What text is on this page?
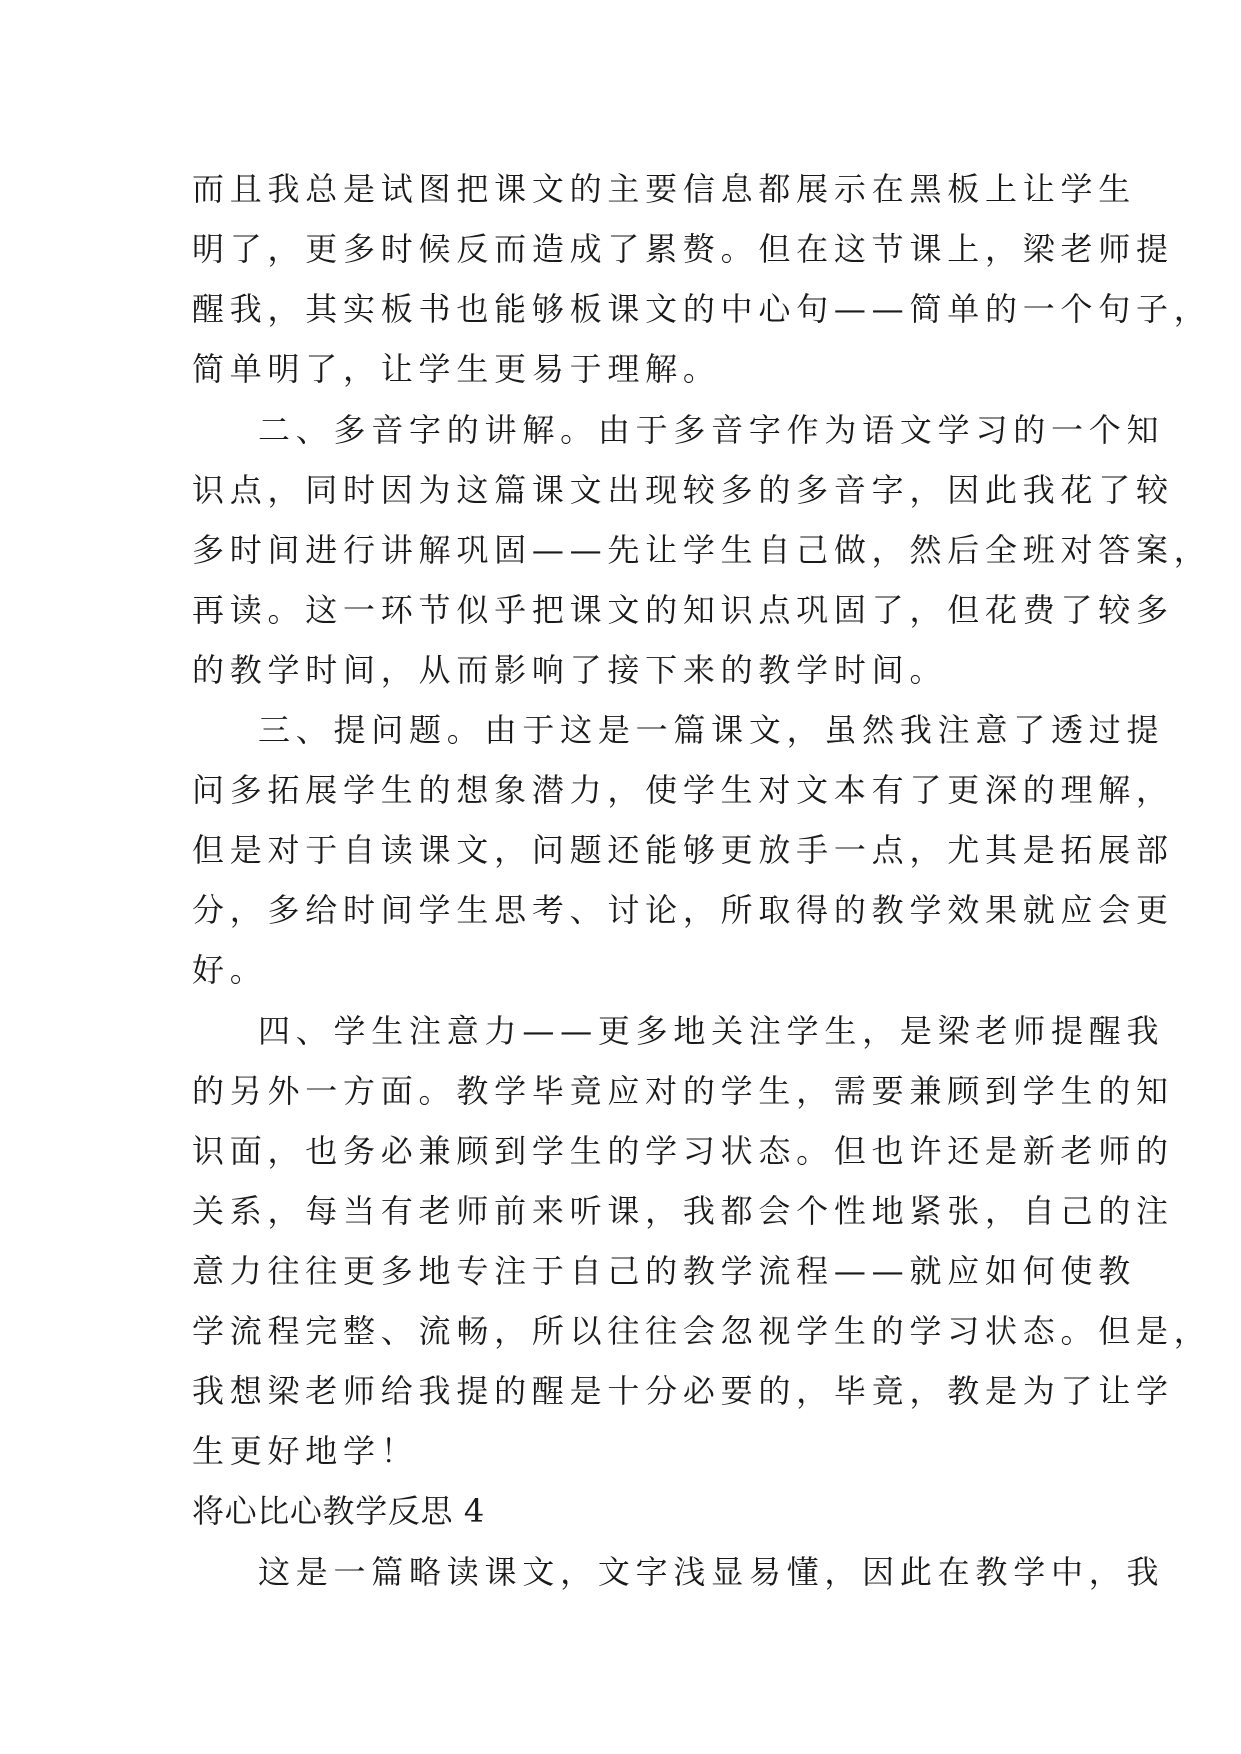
而且我总是试图把课文的主要信息都展示在黑板上让学生
明了，更多时候反而造成了累赘。但在这节课上，梁老师提
醒我，其实板书也能够板课文的中心句——简单的一个句子，
简单明了，让学生更易于理解。
二、多音字的讲解。由于多音字作为语文学习的一个知
识点，同时因为这篇课文出现较多的多音字，因此我花了较
多时间进行讲解巩固——先让学生自己做，然后全班对答案，
再读。这一环节似乎把课文的知识点巩固了，但花费了较多
的教学时间，从而影响了接下来的教学时间。
三、提问题。由于这是一篇课文，虽然我注意了透过提
问多拓展学生的想象潜力，使学生对文本有了更深的理解，
但是对于自读课文，问题还能够更放手一点，尤其是拓展部
分，多给时间学生思考、讨论，所取得的教学效果就应会更
好。
四、学生注意力——更多地关注学生，是梁老师提醒我
的另外一方面。教学毕竟应对的学生，需要兼顾到学生的知
识面，也务必兼顾到学生的学习状态。但也许还是新老师的
关系，每当有老师前来听课，我都会个性地紧张，自己的注
意力往往更多地专注于自己的教学流程——就应如何使教
学流程完整、流畅，所以往往会忽视学生的学习状态。但是，
我想梁老师给我提的醒是十分必要的，毕竟，教是为了让学
生更好地学！
将心比心教学反思 4
这是一篇略读课文，文字浅显易懂，因此在教学中，我
